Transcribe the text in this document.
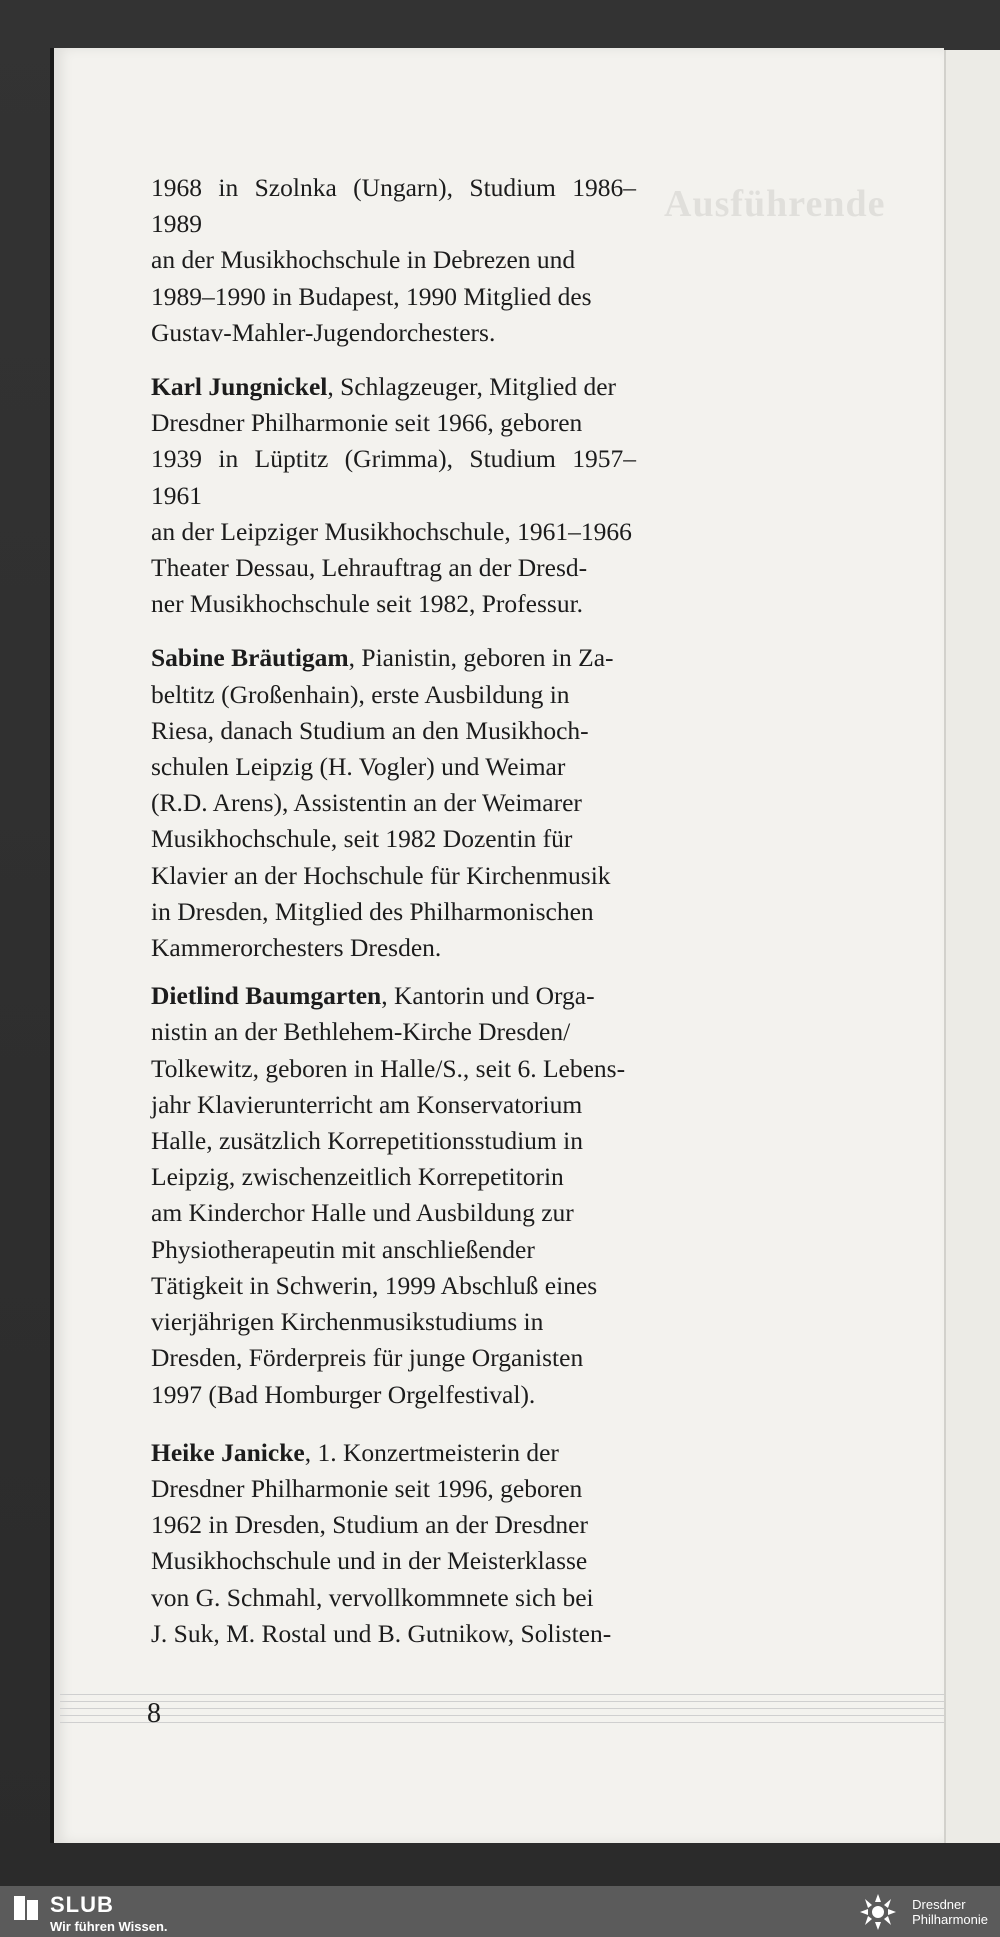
Ausführende

1968 in Szolnka (Ungarn), Studium 1986–1989
an der Musikhochschule in Debrezen und
1989–1990 in Budapest, 1990 Mitglied des
Gustav-Mahler-Jugendorchesters.

Karl Jungnickel, Schlagzeuger, Mitglied der
Dresdner Philharmonie seit 1966, geboren
1939 in Lüptitz (Grimma), Studium 1957–1961
an der Leipziger Musikhochschule, 1961–1966
Theater Dessau, Lehrauftrag an der Dresd-
ner Musikhochschule seit 1982, Professur.

Sabine Bräutigam, Pianistin, geboren in Za-
beltitz (Großenhain), erste Ausbildung in
Riesa, danach Studium an den Musikhoch-
schulen Leipzig (H. Vogler) und Weimar
(R.D. Arens), Assistentin an der Weimarer
Musikhochschule, seit 1982 Dozentin für
Klavier an der Hochschule für Kirchenmusik
in Dresden, Mitglied des Philharmonischen
Kammerorchesters Dresden.

Dietlind Baumgarten, Kantorin und Orga-
nistin an der Bethlehem-Kirche Dresden/
Tolkewitz, geboren in Halle/S., seit 6. Lebens-
jahr Klavierunterricht am Konservatorium
Halle, zusätzlich Korrepetitionsstudium in
Leipzig, zwischenzeitlich Korrepetitorin
am Kinderchor Halle und Ausbildung zur
Physiotherapeutin mit anschließender
Tätigkeit in Schwerin, 1999 Abschluß eines
vierjährigen Kirchenmusikstudiums in
Dresden, Förderpreis für junge Organisten
1997 (Bad Homburger Orgelfestival).

Heike Janicke, 1. Konzertmeisterin der
Dresdner Philharmonie seit 1996, geboren
1962 in Dresden, Studium an der Dresdner
Musikhochschule und in der Meisterklasse
von G. Schmahl, vervollkommnete sich bei
J. Suk, M. Rostal und B. Gutnikow, Solisten-

8
SLUB
Wir führen Wissen.
Dresdner
Philharmonie
